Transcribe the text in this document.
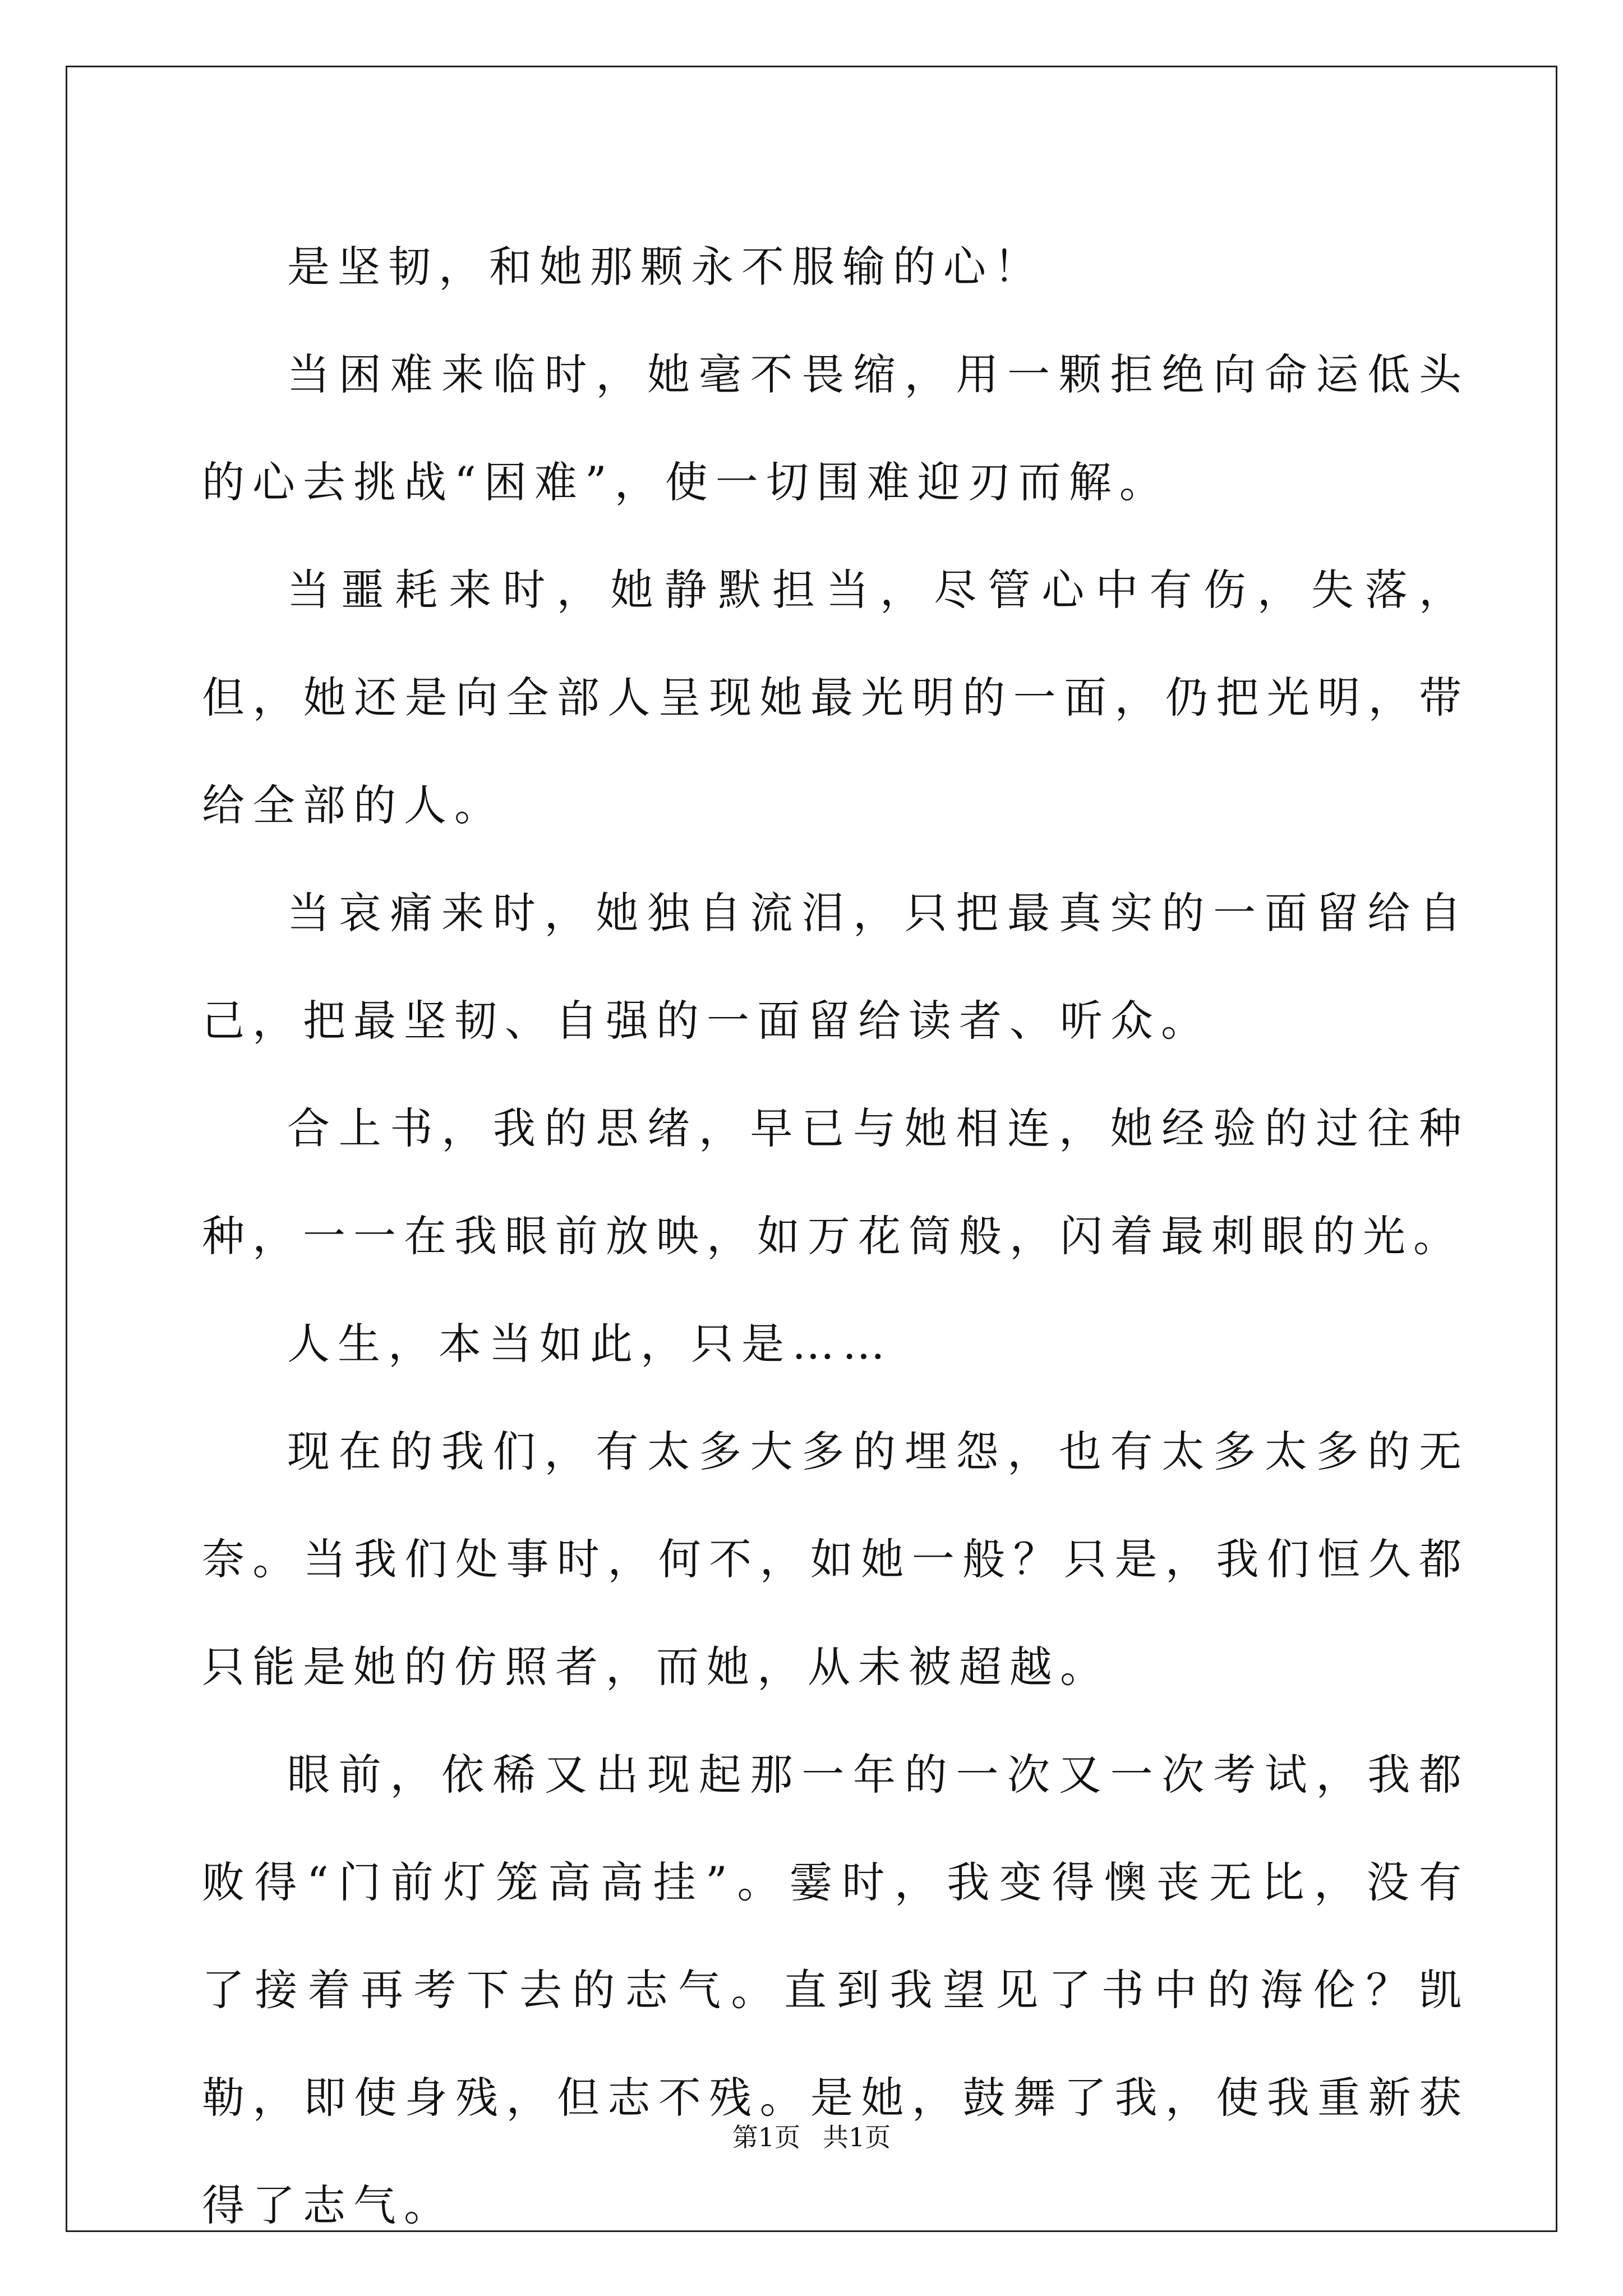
是坚韧，和她那颗永不服输的心！

当困难来临时，她毫不畏缩，用一颗拒绝向命运低头的心去挑战“困难”，使一切围难迎刃而解。

当噩耗来时，她静默担当，尽管心中有伤，失落，但，她还是向全部人呈现她最光明的一面，仍把光明，带给全部的人。

当哀痛来时，她独自流泪，只把最真实的一面留给自己，把最坚韧、自强的一面留给读者、听众。

合上书，我的思绪，早已与她相连，她经验的过往种种，一一在我眼前放映，如万花筒般，闪着最刺眼的光。

人生，本当如此，只是……

现在的我们，有太多大多的埋怨，也有太多太多的无奈。当我们处事时，何不，如她一般？只是，我们恒久都只能是她的仿照者，而她，从未被超越。

眼前，依稀又出现起那一年的一次又一次考试，我都败得“门前灯笼高高挂”。霎时，我变得懊丧无比，没有了接着再考下去的志气。直到我望见了书中的海伦？凯勒，即使身残，但志不残。是她，鼓舞了我，使我重新获得了志气。

第1页 共1页
